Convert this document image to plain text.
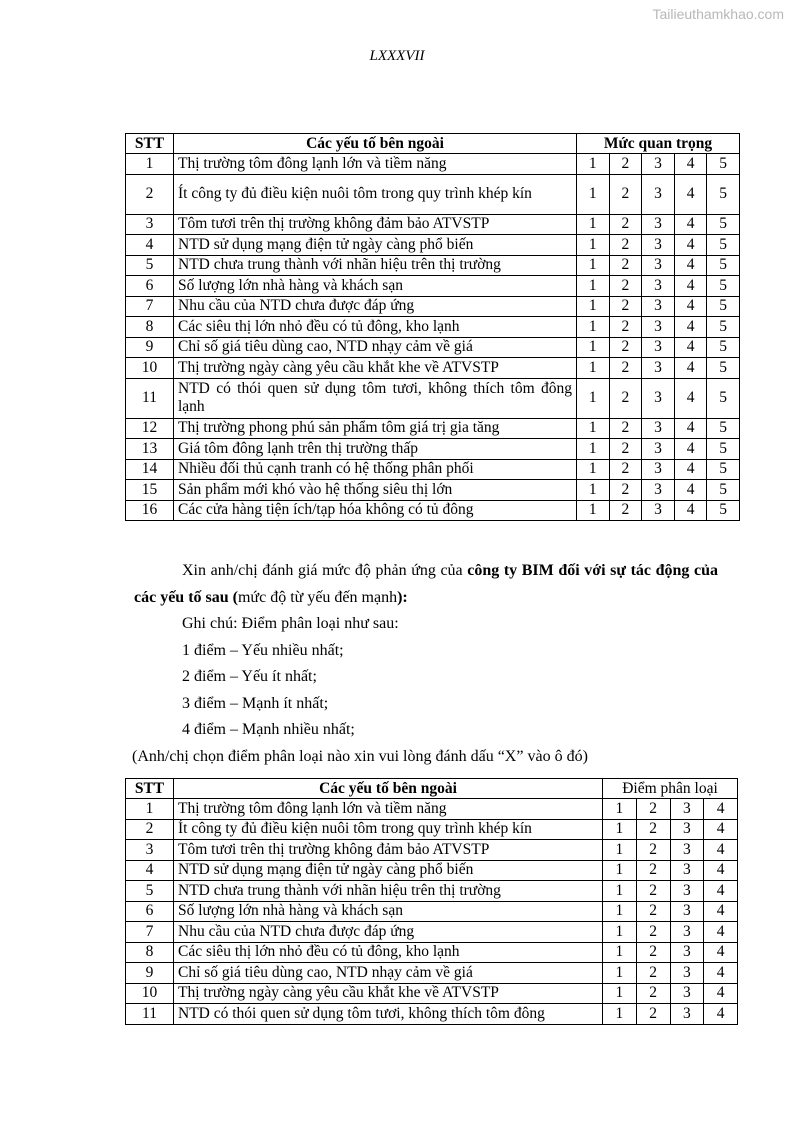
Tailieuthamkhao.com
LXXXVII
STT	Các yếu tố bên ngoài	Mức quan trọng				
1	Thị trường tôm đông lạnh lớn và tiềm năng	1	2	3	4	5
2	Ít công ty đủ điều kiện nuôi tôm trong quy trình khép kín	1	2	3	4	5
3	Tôm tươi trên thị trường không đảm bảo ATVSTP	1	2	3	4	5
4	NTD sử dụng mạng điện tử ngày càng phổ biến	1	2	3	4	5
5	NTD chưa trung thành với nhãn hiệu trên thị trường	1	2	3	4	5
6	Số lượng lớn nhà hàng và khách sạn	1	2	3	4	5
7	Nhu cầu của NTD chưa được đáp ứng	1	2	3	4	5
8	Các siêu thị lớn nhỏ đều có tủ đông, kho lạnh	1	2	3	4	5
9	Chỉ số giá tiêu dùng cao, NTD nhạy cảm về giá	1	2	3	4	5
10	Thị trường ngày càng yêu cầu khắt khe về ATVSTP	1	2	3	4	5
11	NTD có thói quen sử dụng tôm tươi, không thích tôm đông lạnh	1	2	3	4	5
12	Thị trường phong phú sản phẩm tôm giá trị gia tăng	1	2	3	4	5
13	Giá tôm đông lạnh trên thị trường thấp	1	2	3	4	5
14	Nhiều đối thủ cạnh tranh có hệ thống phân phối	1	2	3	4	5
15	Sản phẩm mới khó vào hệ thống siêu thị lớn	1	2	3	4	5
16	Các cửa hàng tiện ích/tạp hóa không có tủ đông	1	2	3	4	5

Xin anh/chị đánh giá mức độ phản ứng của công ty BIM đối với sự tác động của các yếu tố sau (mức độ từ yếu đến mạnh):

Ghi chú: Điểm phân loại như sau:

1 điểm – Yếu nhiều nhất;

2 điểm – Yếu ít nhất;

3 điểm – Mạnh ít nhất;

4 điểm – Mạnh nhiều nhất;

(Anh/chị chọn điểm phân loại nào xin vui lòng đánh dấu “X” vào ô đó)

STT	Các yếu tố bên ngoài	Điểm phân loại			
1	Thị trường tôm đông lạnh lớn và tiềm năng	1	2	3	4
2	Ít công ty đủ điều kiện nuôi tôm trong quy trình khép kín	1	2	3	4
3	Tôm tươi trên thị trường không đảm bảo ATVSTP	1	2	3	4
4	NTD sử dụng mạng điện tử ngày càng phổ biến	1	2	3	4
5	NTD chưa trung thành với nhãn hiệu trên thị trường	1	2	3	4
6	Số lượng lớn nhà hàng và khách sạn	1	2	3	4
7	Nhu cầu của NTD chưa được đáp ứng	1	2	3	4
8	Các siêu thị lớn nhỏ đều có tủ đông, kho lạnh	1	2	3	4
9	Chỉ số giá tiêu dùng cao, NTD nhạy cảm về giá	1	2	3	4
10	Thị trường ngày càng yêu cầu khắt khe về ATVSTP	1	2	3	4
11	NTD có thói quen sử dụng tôm tươi, không thích tôm đông	1	2	3	4
